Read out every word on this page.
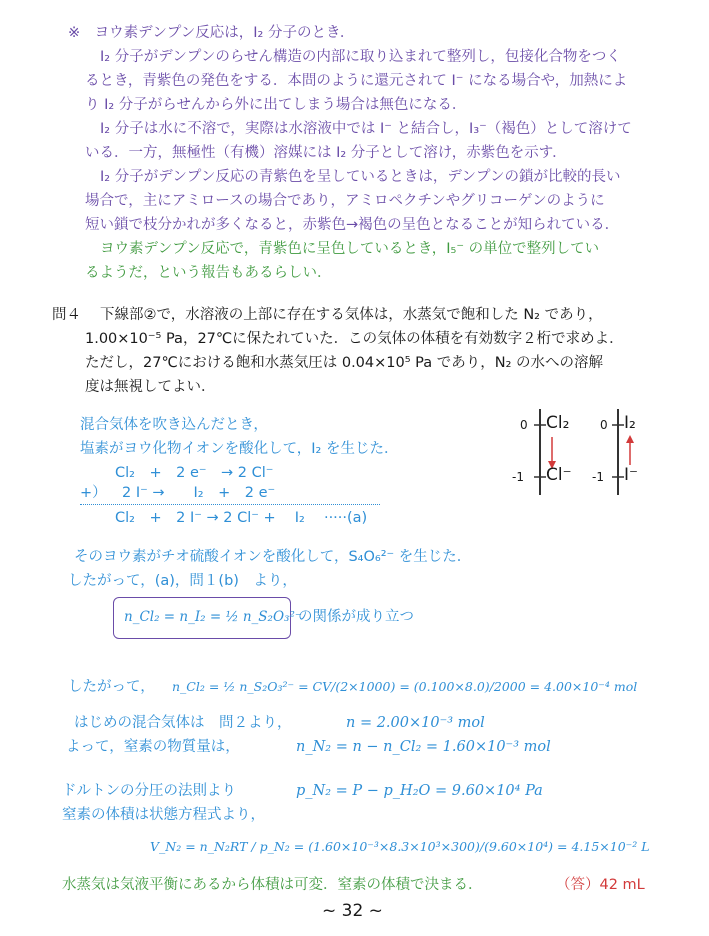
※　ヨウ素デンプン反応は，I₂ 分子のとき．
I₂ 分子がデンプンのらせん構造の内部に取り込まれて整列し，包接化合物をつく
るとき，青紫色の発色をする．本問のように還元されて I⁻ になる場合や，加熱によ
り I₂ 分子がらせんから外に出てしまう場合は無色になる．
I₂ 分子は水に不溶で，実際は水溶液中では I⁻ と結合し，I₃⁻（褐色）として溶けて
いる．一方，無極性（有機）溶媒には I₂ 分子として溶け，赤紫色を示す．
I₂ 分子がデンプン反応の青紫色を呈しているときは，デンプンの鎖が比較的長い
場合で，主にアミロースの場合であり，アミロペクチンやグリコーゲンのように
短い鎖で枝分かれが多くなると，赤紫色→褐色の呈色となることが知られている．
ヨウ素デンプン反応で，青紫色に呈色しているとき，I₅⁻ の単位で整列してい
るようだ，という報告もあるらしい．
問４ 下線部②で，水溶液の上部に存在する気体は，水蒸気で飽和した N₂ であり，
1.00×10⁻⁵ Pa，27℃に保たれていた．この気体の体積を有効数字２桁で求めよ．
ただし，27℃における飽和水蒸気圧は 0.04×10⁵ Pa であり，N₂ の水への溶解
度は無視してよい．
混合気体を吹き込んだとき，
塩素がヨウ化物イオンを酸化して，I₂ を生じた．
Cl₂　+　2 e⁻　→ 2 Cl⁻
+） 2 I⁻ →　　I₂　+　2 e⁻
Cl₂　+　2 I⁻ → 2 Cl⁻ +　 I₂　 ·····(a)
0
-1
0
-1
Cl₂
Cl⁻
I₂
I⁻
そのヨウ素がチオ硫酸イオンを酸化して，S₄O₆²⁻ を生じた．
したがって，(a)，問１(b)　より，
n_Cl₂ = n_I₂ = ½ n_S₂O₃²⁻
の関係が成り立つ
したがって， n_Cl₂ = ½ n_S₂O₃²⁻ = CV/(2×1000) = (0.100×8.0)/2000 = 4.00×10⁻⁴ mol
はじめの混合気体は　問２より，	n = 2.00×10⁻³ mol
よって，窒素の物質量は，	n_N₂ = n − n_Cl₂ = 1.60×10⁻³ mol
ドルトンの分圧の法則より	p_N₂ = P − p_H₂O = 9.60×10⁴ Pa
窒素の体積は状態方程式より，
V_N₂ = n_N₂RT / p_N₂ = (1.60×10⁻³×8.3×10³×300)/(9.60×10⁴) = 4.15×10⁻² L
水蒸気は気液平衡にあるから体積は可変．窒素の体積で決まる．	（答）42 mL
~ 32 ~
